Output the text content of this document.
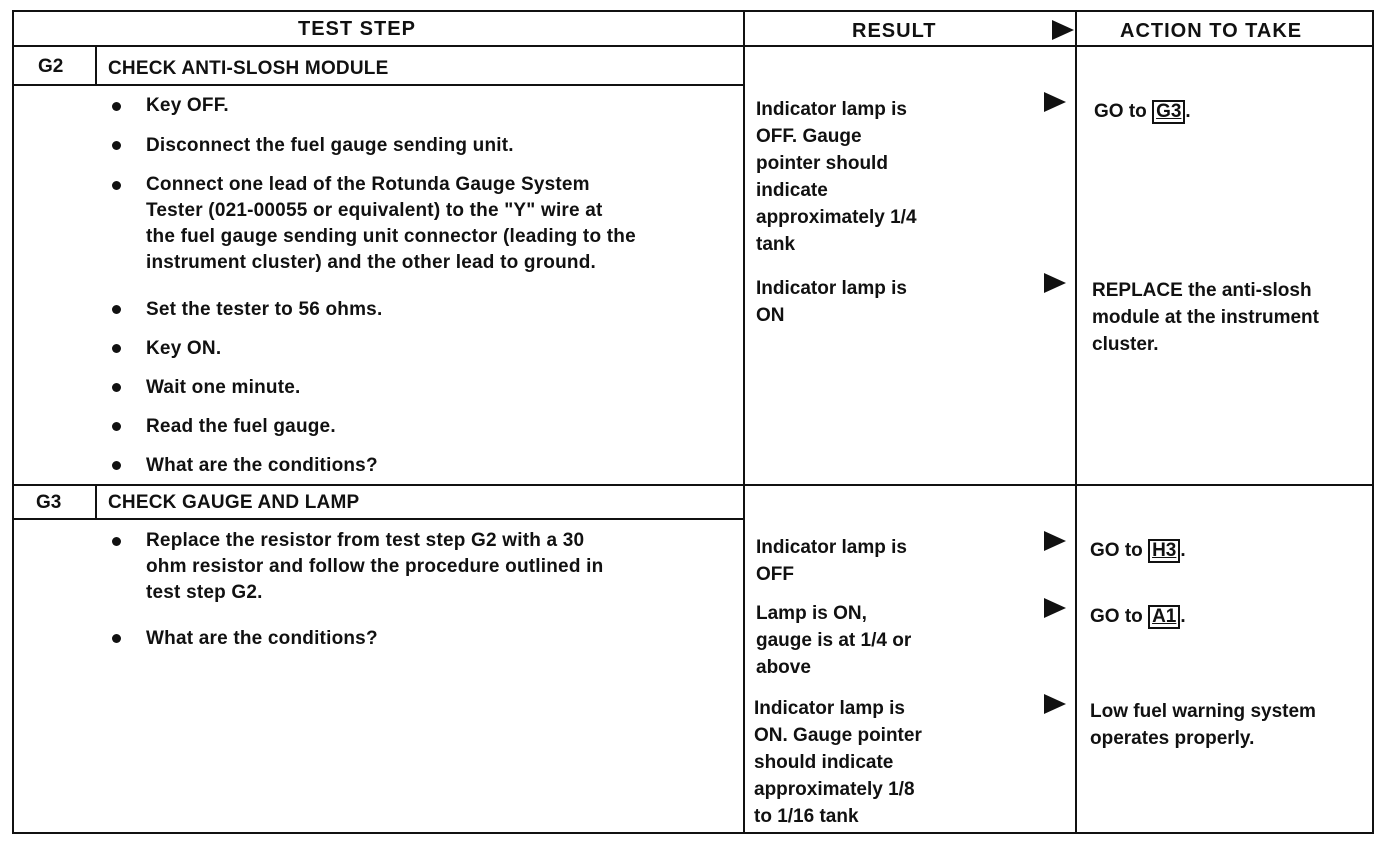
TEST STEP	RESULT	ACTION TO TAKE
G2 CHECK ANTI-SLOSH MODULE
Key OFF.
Disconnect the fuel gauge sending unit.
Connect one lead of the Rotunda Gauge System
Tester (021-00055 or equivalent) to the "Y" wire at
the fuel gauge sending unit connector (leading to the
instrument cluster) and the other lead to ground.
Set the tester to 56 ohms.
Key ON.
Wait one minute.
Read the fuel gauge.
What are the conditions?
Indicator lamp is
OFF. Gauge
pointer should
indicate
approximately 1/4
tank
GO to G3 .
Indicator lamp is
ON
REPLACE the anti-slosh
module at the instrument
cluster.
G3 CHECK GAUGE AND LAMP
Replace the resistor from test step G2 with a 30
ohm resistor and follow the procedure outlined in
test step G2.
What are the conditions?
Indicator lamp is
OFF
GO to H3 .
Lamp is ON,
gauge is at 1/4 or
above
GO to A1 .
Indicator lamp is
ON. Gauge pointer
should indicate
approximately 1/8
to 1/16 tank
Low fuel warning system
operates properly.
